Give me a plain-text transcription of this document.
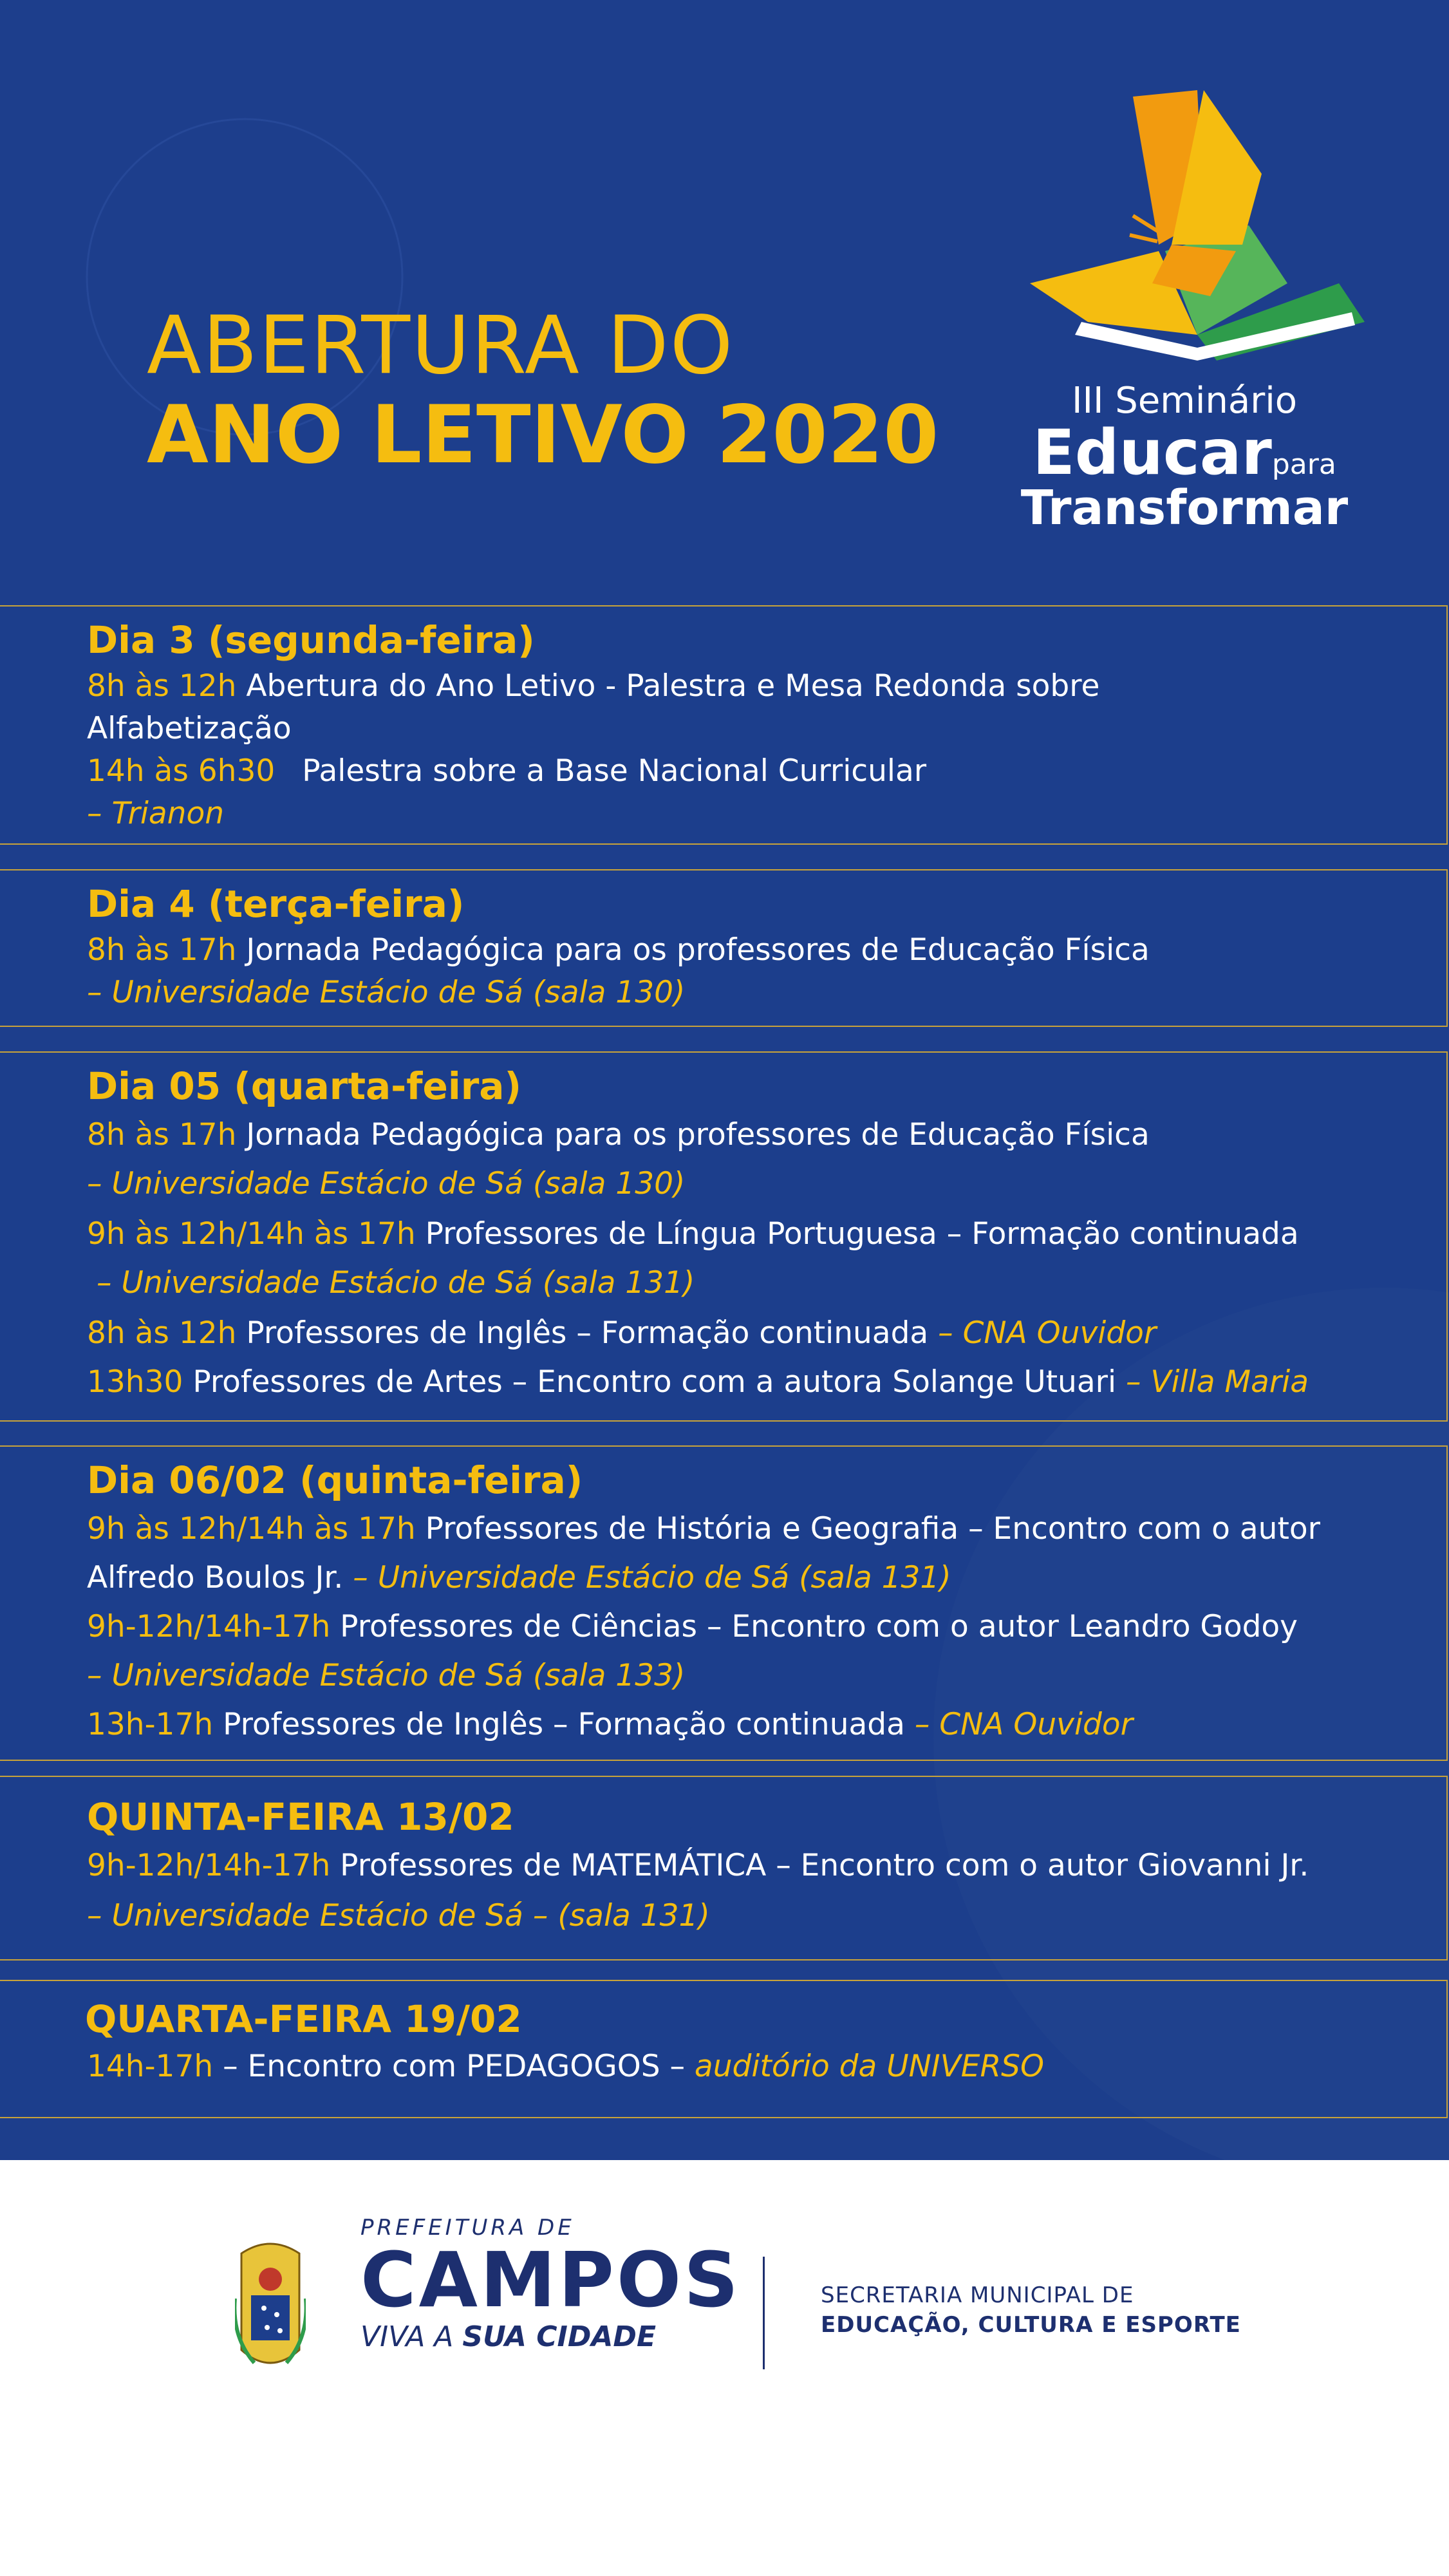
ABERTURA DO
ANO LETIVO 2020	III Seminário
Educarpara
Transformar
Dia 3 (segunda-feira)
8h às 12h Abertura do Ano Letivo - Palestra e Mesa Redonda sobre
Alfabetização
14h às 6h30 Palestra sobre a Base Nacional Curricular
– Trianon
Dia 4 (terça-feira)
8h às 17h Jornada Pedagógica para os professores de Educação Física
– Universidade Estácio de Sá (sala 130)
Dia 05 (quarta-feira)
8h às 17h Jornada Pedagógica para os professores de Educação Física
– Universidade Estácio de Sá (sala 130)
9h às 12h/14h às 17h Professores de Língua Portuguesa – Formação continuada
– Universidade Estácio de Sá (sala 131)
8h às 12h Professores de Inglês – Formação continuada – CNA Ouvidor
13h30 Professores de Artes – Encontro com a autora Solange Utuari – Villa Maria
Dia 06/02 (quinta-feira)
9h às 12h/14h às 17h Professores de História e Geografia – Encontro com o autor
Alfredo Boulos Jr. – Universidade Estácio de Sá (sala 131)
9h-12h/14h-17h Professores de Ciências – Encontro com o autor Leandro Godoy
– Universidade Estácio de Sá (sala 133)
13h-17h Professores de Inglês – Formação continuada – CNA Ouvidor
QUINTA-FEIRA 13/02
9h-12h/14h-17h Professores de MATEMÁTICA – Encontro com o autor Giovanni Jr.
– Universidade Estácio de Sá – (sala 131)
QUARTA-FEIRA 19/02
14h-17h – Encontro com PEDAGOGOS – auditório da UNIVERSO
PREFEITURA DE
CAMPOS
VIVA A SUA CIDADE
SECRETARIA MUNICIPAL DE
EDUCAÇÃO, CULTURA E ESPORTE
